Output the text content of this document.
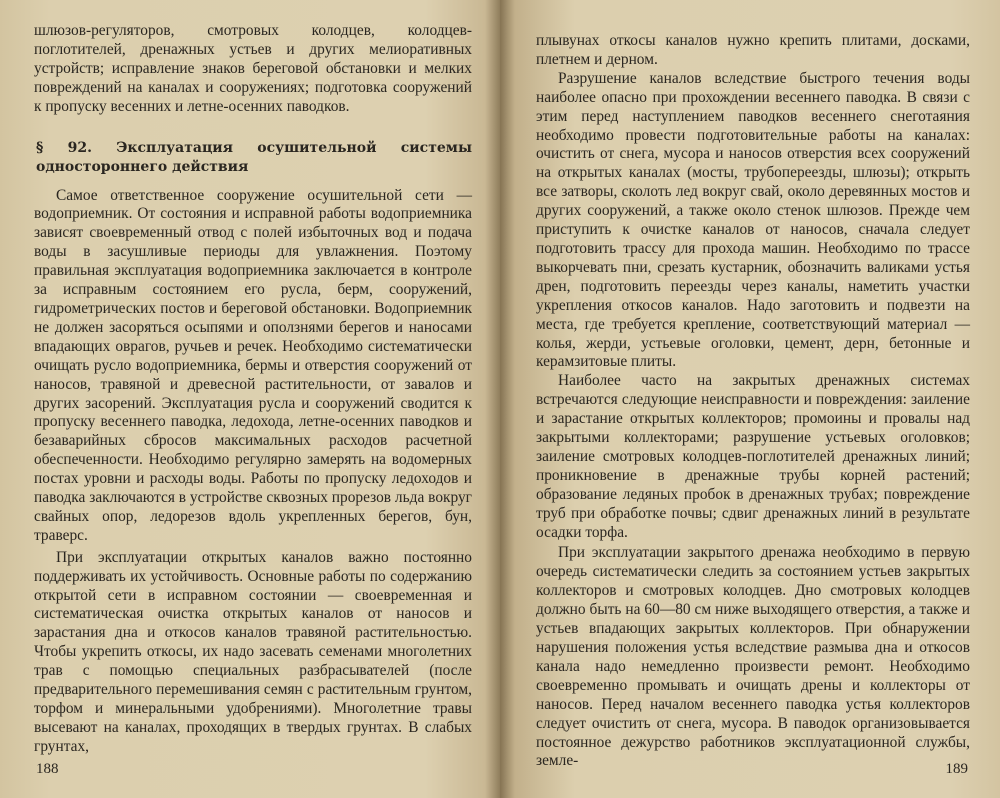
шлюзов-регуляторов, смотровых колодцев, колодцев-поглотителей, дренажных устьев и других мелиоративных устройств; исправление знаков береговой обстановки и мелких повреждений на каналах и сооружениях; подготовка сооружений к пропуску весенних и летне-осенних паводков.

§ 92. Эксплуатация осушительной системы одностороннего действия

Самое ответственное сооружение осушительной сети — водоприемник. От состояния и исправной работы водоприемника зависят своевременный отвод с полей избыточных вод и подача воды в засушливые периоды для увлажнения. Поэтому правильная эксплуатация водоприемника заключается в контроле за исправным состоянием его русла, берм, сооружений, гидрометрических постов и береговой обстановки. Водоприемник не должен засоряться осыпями и оползнями берегов и наносами впадающих оврагов, ручьев и речек. Необходимо систематически очищать русло водоприемника, бермы и отверстия сооружений от наносов, травяной и древесной растительности, от завалов и других засорений. Эксплуатация русла и сооружений сводится к пропуску весеннего паводка, ледохода, летне-осенних паводков и безаварийных сбросов максимальных расходов расчетной обеспеченности. Необходимо регулярно замерять на водомерных постах уровни и расходы воды. Работы по пропуску ледоходов и паводка заключаются в устройстве сквозных прорезов льда вокруг свайных опор, ледорезов вдоль укрепленных берегов, бун, траверс.

При эксплуатации открытых каналов важно постоянно поддерживать их устойчивость. Основные работы по содержанию открытой сети в исправном состоянии — своевременная и систематическая очистка открытых каналов от наносов и зарастания дна и откосов каналов травяной растительностью. Чтобы укрепить откосы, их надо засевать семенами многолетних трав с помощью специальных разбрасывателей (после предварительного перемешивания семян с растительным грунтом, торфом и минеральными удобрениями). Многолетние травы высевают на каналах, проходящих в твердых грунтах. В слабых грунтах,

188

плывунах откосы каналов нужно крепить плитами, досками, плетнем и дерном.

Разрушение каналов вследствие быстрого течения воды наиболее опасно при прохождении весеннего паводка. В связи с этим перед наступлением паводков весеннего снеготаяния необходимо провести подготовительные работы на каналах: очистить от снега, мусора и наносов отверстия всех сооружений на открытых каналах (мосты, трубопереезды, шлюзы); открыть все затворы, сколоть лед вокруг свай, около деревянных мостов и других сооружений, а также около стенок шлюзов. Прежде чем приступить к очистке каналов от наносов, сначала следует подготовить трассу для прохода машин. Необходимо по трассе выкорчевать пни, срезать кустарник, обозначить валиками устья дрен, подготовить переезды через каналы, наметить участки укрепления откосов каналов. Надо заготовить и подвезти на места, где требуется крепление, соответствующий материал — колья, жерди, устьевые оголовки, цемент, дерн, бетонные и керамзитовые плиты.

Наиболее часто на закрытых дренажных системах встречаются следующие неисправности и повреждения: заиление и зарастание открытых коллекторов; промоины и провалы над закрытыми коллекторами; разрушение устьевых оголовков; заиление смотровых колодцев-поглотителей дренажных линий; проникновение в дренажные трубы корней растений; образование ледяных пробок в дренажных трубах; повреждение труб при обработке почвы; сдвиг дренажных линий в результате осадки торфа.

При эксплуатации закрытого дренажа необходимо в первую очередь систематически следить за состоянием устьев закрытых коллекторов и смотровых колодцев. Дно смотровых колодцев должно быть на 60—80 см ниже выходящего отверстия, а также и устьев впадающих закрытых коллекторов. При обнаружении нарушения положения устья вследствие размыва дна и откосов канала надо немедленно произвести ремонт. Необходимо своевременно промывать и очищать дрены и коллекторы от наносов. Перед началом весеннего паводка устья коллекторов следует очистить от снега, мусора. В паводок организовывается постоянное дежурство работников эксплуатационной службы, земле-	189
